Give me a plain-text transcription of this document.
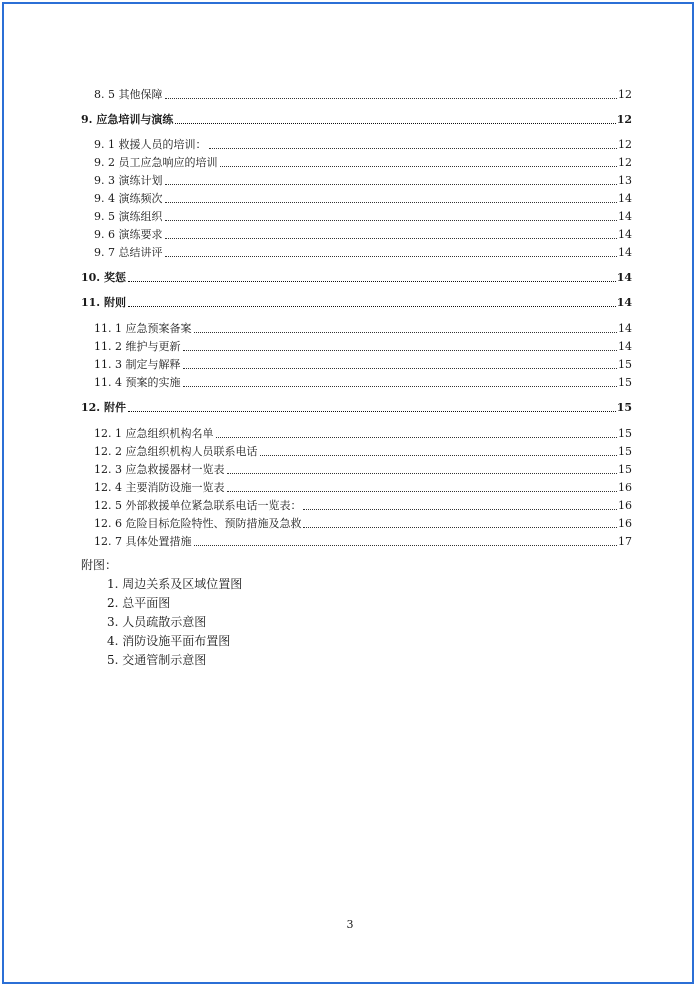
8. 5 其他保障	12
9. 应急培训与演练	12
9. 1 救援人员的培训：	12
9. 2 员工应急响应的培训	12
9. 3 演练计划	13
9. 4 演练频次	14
9. 5 演练组织	14
9. 6 演练要求	14
9. 7 总结讲评	14
10. 奖惩	14
11. 附则	14
11. 1 应急预案备案	14
11. 2 维护与更新	14
11. 3 制定与解释	15
11. 4 预案的实施	15
12. 附件	15
12. 1 应急组织机构名单	15
12. 2 应急组织机构人员联系电话	15
12. 3 应急救援器材一览表	15
12. 4 主要消防设施一览表	16
12. 5 外部救援单位紧急联系电话一览表：	16
12. 6 危险目标危险特性、预防措施及急救	16
12. 7 具体处置措施	17
附图：
1. 周边关系及区域位置图
2. 总平面图
3. 人员疏散示意图
4. 消防设施平面布置图
5. 交通管制示意图
3
